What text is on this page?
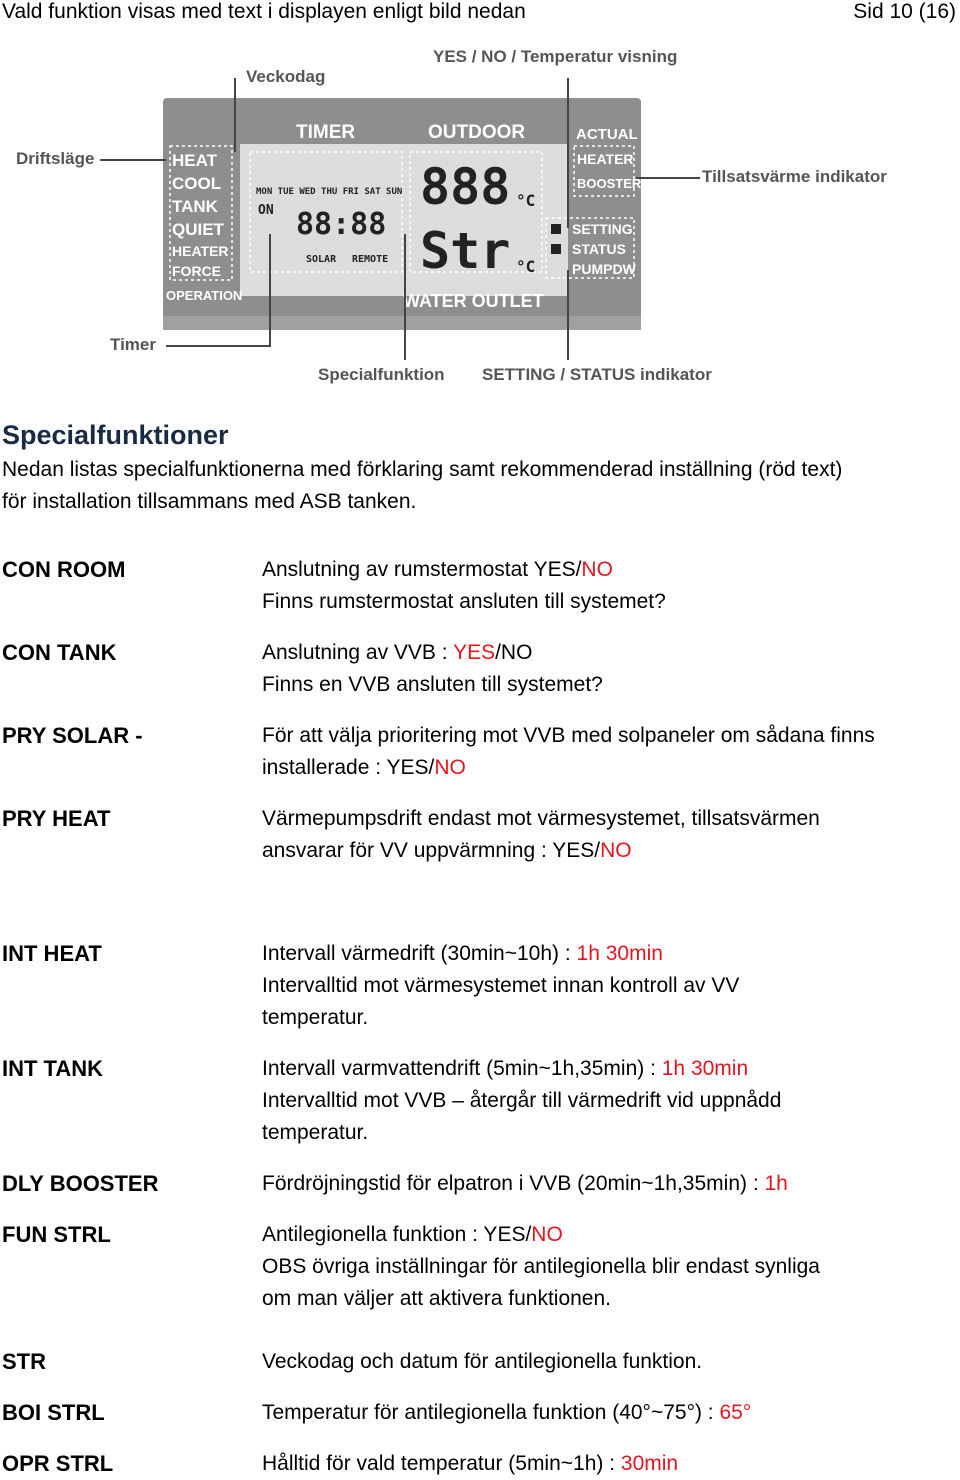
Vald funktion visas med text i displayen enligt bild nedan	Sid 10 (16)
TIMER	OUTDOOR	ACTUAL
HEAT
COOL
TANK
QUIET
HEATER
FORCE
OPERATION
MON TUE WED THU FRI SAT SUN
ON 88:88
SOLAR REMOTE
888 °C
Str °C
HEATER
BOOSTER
SETTING
STATUS
PUMPDW
WATER OUTLET
YES / NO / Temperatur visning
Veckodag
Driftsläge
Tillsatsvärme indikator
Timer
Specialfunktion SETTING / STATUS indikator
Specialfunktioner

Nedan listas specialfunktionerna med förklaring samt rekommenderad inställning (röd text)
för installation tillsammans med ASB tanken.

CON ROOM	Anslutning av rumstermostat YES/NO
Finns rumstermostat ansluten till systemet?
CON TANK	Anslutning av VVB : YES/NO
Finns en VVB ansluten till systemet?
PRY SOLAR -	För att välja prioritering mot VVB med solpaneler om sådana finns
installerade : YES/NO
PRY HEAT	Värmepumpsdrift endast mot värmesystemet, tillsatsvärmen
ansvarar för VV uppvärmning : YES/NO
INT HEAT	Intervall värmedrift (30min~10h) : 1h 30min
Intervalltid mot värmesystemet innan kontroll av VV
temperatur.
INT TANK	Intervall varmvattendrift (5min~1h,35min) : 1h 30min
Intervalltid mot VVB – återgår till värmedrift vid uppnådd
temperatur.
DLY BOOSTER	Fördröjningstid för elpatron i VVB (20min~1h,35min) : 1h
FUN STRL	Antilegionella funktion : YES/NO
OBS övriga inställningar för antilegionella blir endast synliga
om man väljer att aktivera funktionen.
STR	Veckodag och datum för antilegionella funktion.
BOI STRL	Temperatur för antilegionella funktion (40°~75°) : 65°
OPR STRL	Hålltid för vald temperatur (5min~1h) : 30min
